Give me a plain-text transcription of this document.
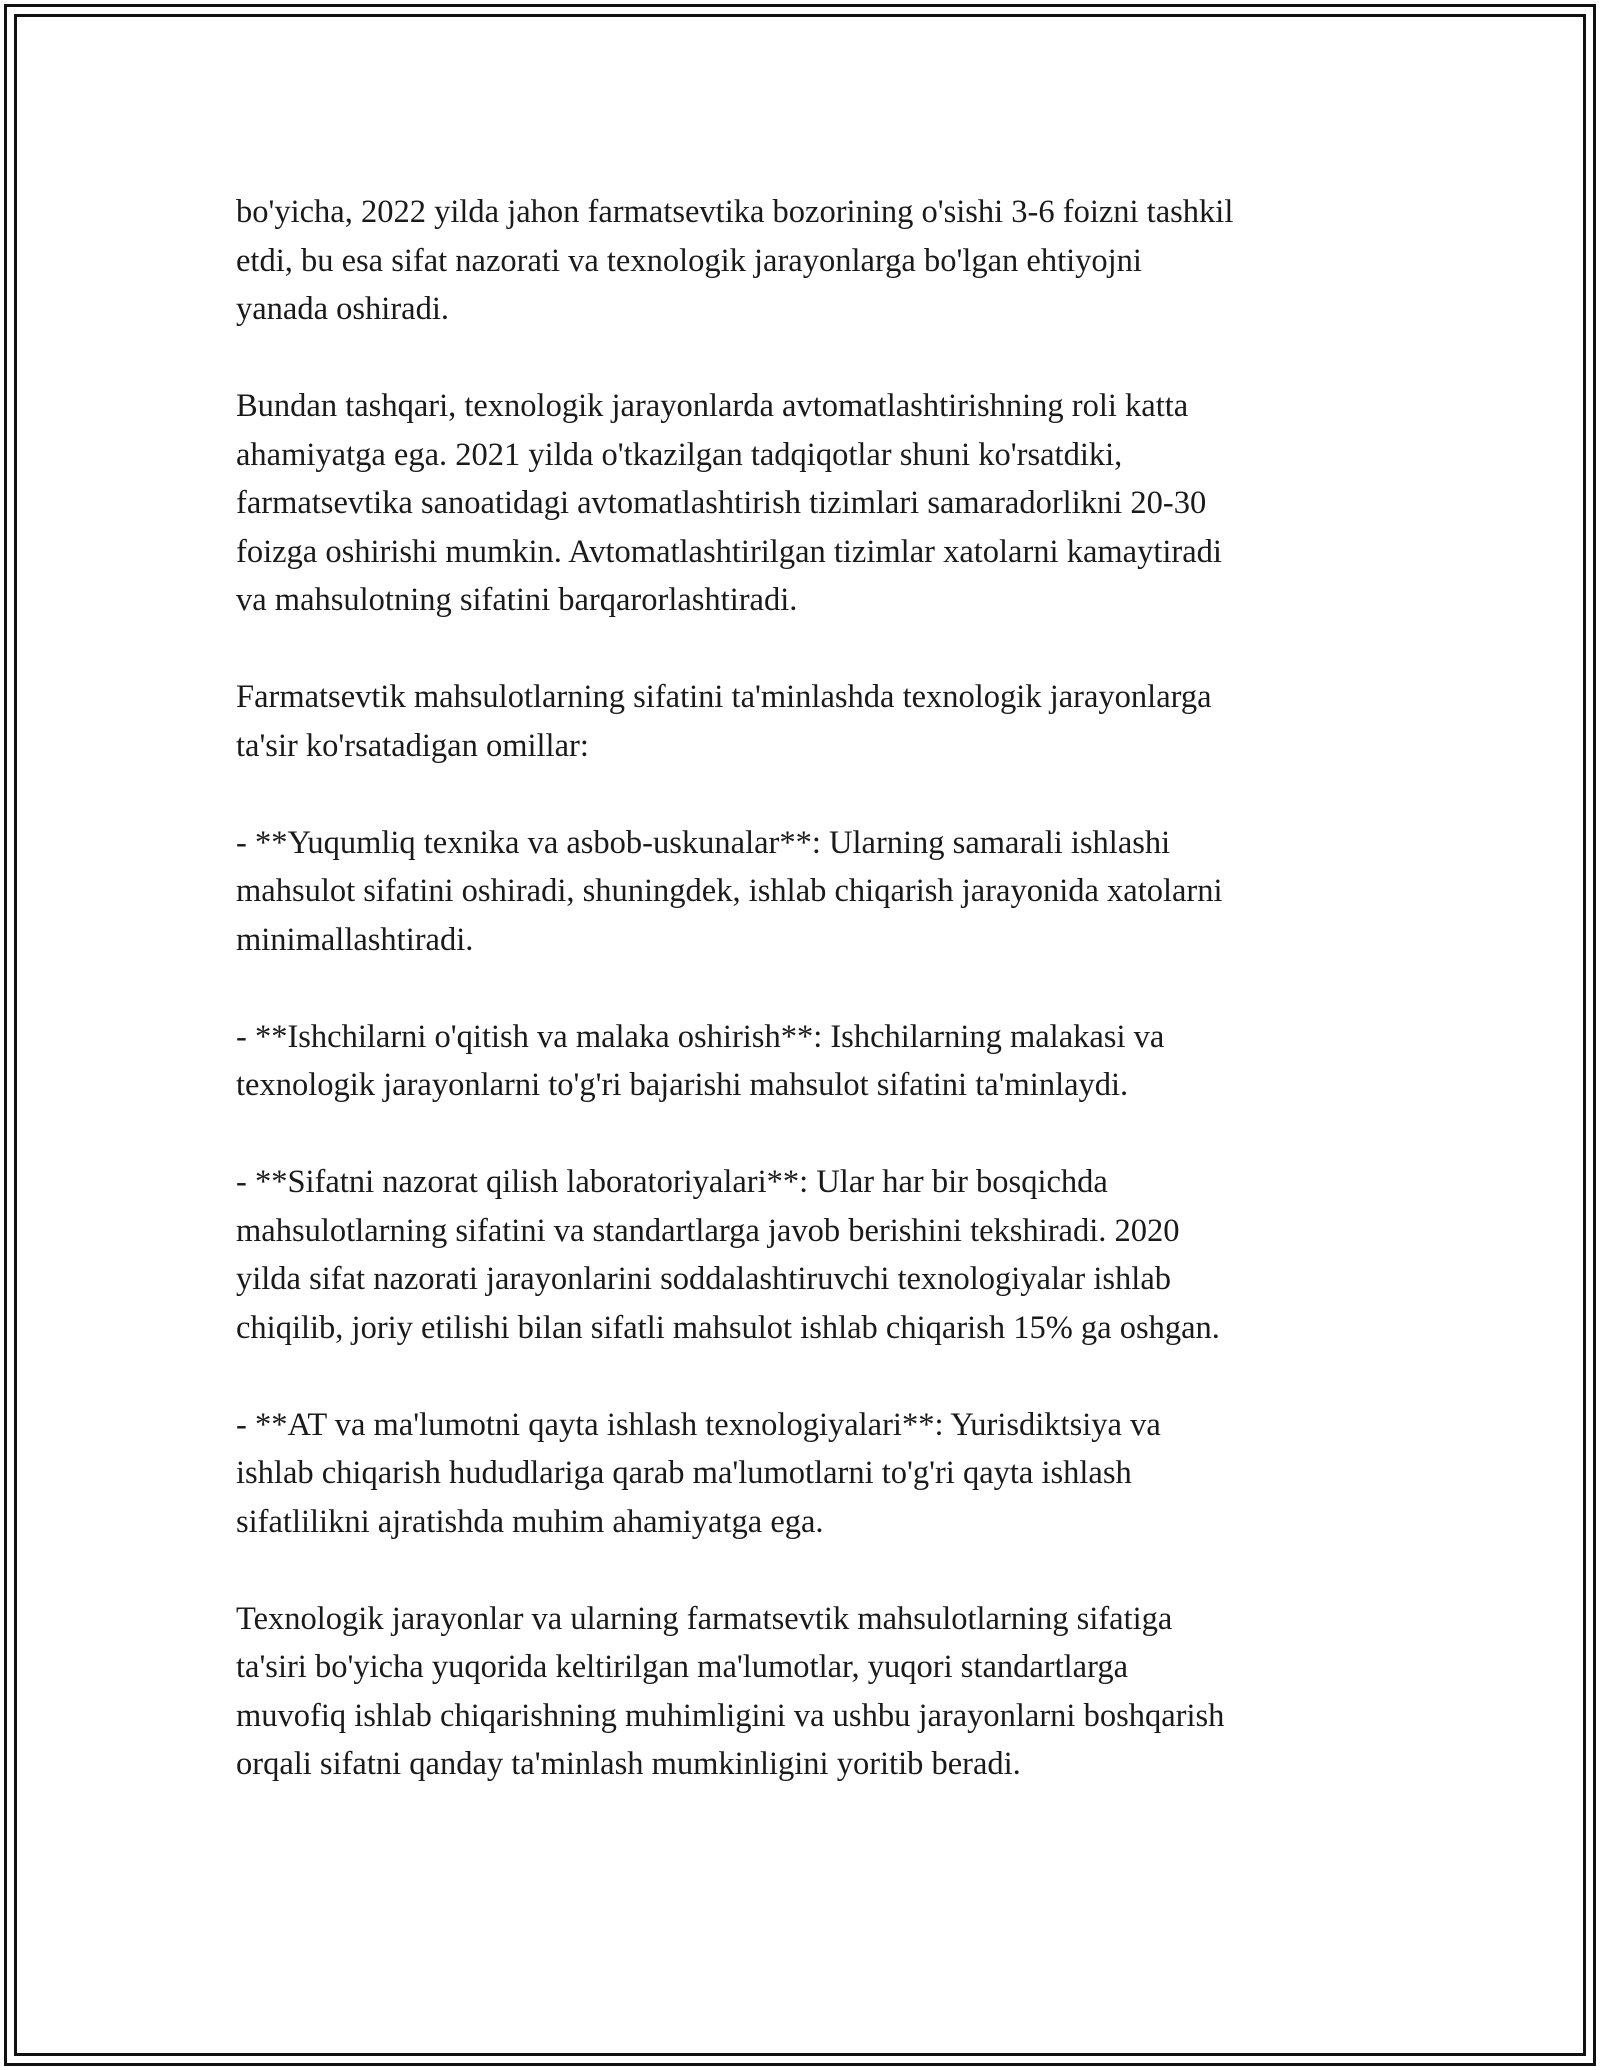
bo'yicha, 2022 yilda jahon farmatsevtika bozorining o'sishi 3-6 foizni tashkil
etdi, bu esa sifat nazorati va texnologik jarayonlarga bo'lgan ehtiyojni
yanada oshiradi.

Bundan tashqari, texnologik jarayonlarda avtomatlashtirishning roli katta
ahamiyatga ega. 2021 yilda o'tkazilgan tadqiqotlar shuni ko'rsatdiki,
farmatsevtika sanoatidagi avtomatlashtirish tizimlari samaradorlikni 20-30
foizga oshirishi mumkin. Avtomatlashtirilgan tizimlar xatolarni kamaytiradi
va mahsulotning sifatini barqarorlashtiradi.

Farmatsevtik mahsulotlarning sifatini ta'minlashda texnologik jarayonlarga
ta'sir ko'rsatadigan omillar:

- **Yuqumliq texnika va asbob-uskunalar**: Ularning samarali ishlashi
mahsulot sifatini oshiradi, shuningdek, ishlab chiqarish jarayonida xatolarni
minimallashtiradi.

- **Ishchilarni o'qitish va malaka oshirish**: Ishchilarning malakasi va
texnologik jarayonlarni to'g'ri bajarishi mahsulot sifatini ta'minlaydi.

- **Sifatni nazorat qilish laboratoriyalari**: Ular har bir bosqichda
mahsulotlarning sifatini va standartlarga javob berishini tekshiradi. 2020
yilda sifat nazorati jarayonlarini soddalashtiruvchi texnologiyalar ishlab
chiqilib, joriy etilishi bilan sifatli mahsulot ishlab chiqarish 15% ga oshgan.

- **AT va ma'lumotni qayta ishlash texnologiyalari**: Yurisdiktsiya va
ishlab chiqarish hududlariga qarab ma'lumotlarni to'g'ri qayta ishlash
sifatlilikni ajratishda muhim ahamiyatga ega.

Texnologik jarayonlar va ularning farmatsevtik mahsulotlarning sifatiga
ta'siri bo'yicha yuqorida keltirilgan ma'lumotlar, yuqori standartlarga
muvofiq ishlab chiqarishning muhimligini va ushbu jarayonlarni boshqarish
orqali sifatni qanday ta'minlash mumkinligini yoritib beradi.
